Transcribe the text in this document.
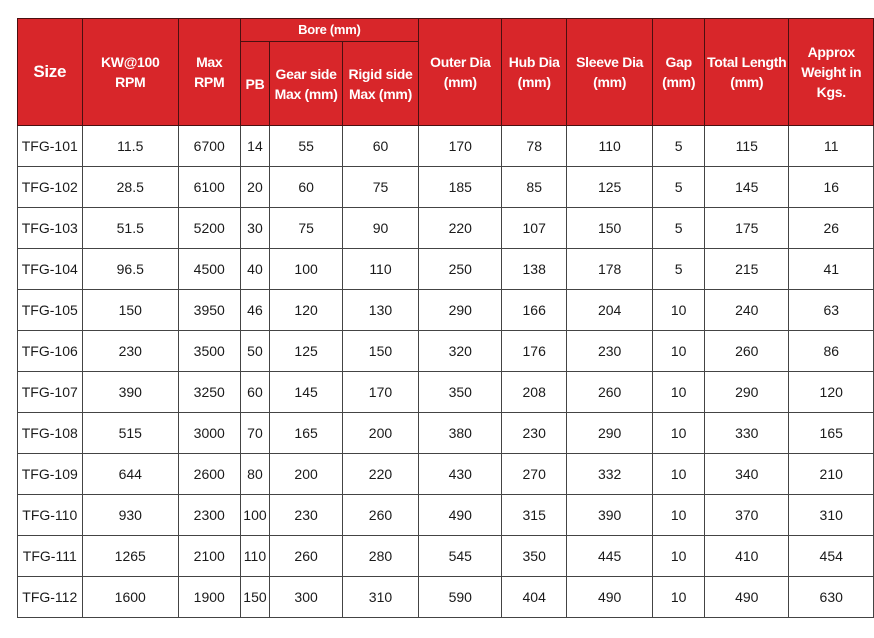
Size	KW@100 RPM	Max RPM	Bore (mm)			Outer Dia (mm)	Hub Dia (mm)	Sleeve Dia (mm)	Gap (mm)	Total Length (mm)	Approx Weight in Kgs.
			PB	Gear side Max (mm)	Rigid side Max (mm)						
TFG-101	11.5	6700	14	55	60	170	78	110	5	115	11
TFG-102	28.5	6100	20	60	75	185	85	125	5	145	16
TFG-103	51.5	5200	30	75	90	220	107	150	5	175	26
TFG-104	96.5	4500	40	100	110	250	138	178	5	215	41
TFG-105	150	3950	46	120	130	290	166	204	10	240	63
TFG-106	230	3500	50	125	150	320	176	230	10	260	86
TFG-107	390	3250	60	145	170	350	208	260	10	290	120
TFG-108	515	3000	70	165	200	380	230	290	10	330	165
TFG-109	644	2600	80	200	220	430	270	332	10	340	210
TFG-110	930	2300	100	230	260	490	315	390	10	370	310
TFG-111	1265	2100	110	260	280	545	350	445	10	410	454
TFG-112	1600	1900	150	300	310	590	404	490	10	490	630
